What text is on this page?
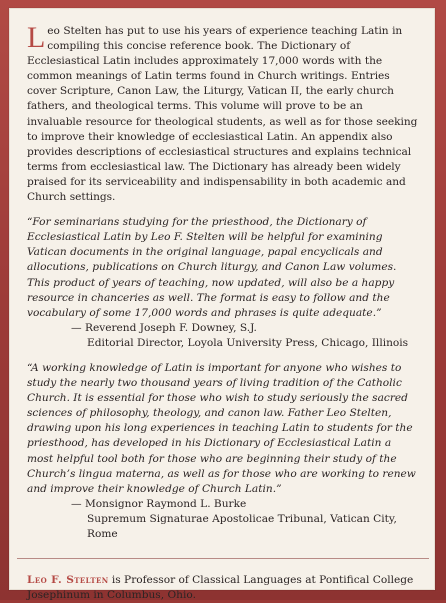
L eo Stelten has put to use his years of experience teaching Latin in compiling this concise reference book. The Dictionary of Ecclesiastical Latin includes approximately 17,000 words with the common meanings of Latin terms found in Church writings. Entries cover Scripture, Canon Law, the Liturgy, Vatican II, the early church fathers, and theological terms. This volume will prove to be an invaluable resource for theological students, as well as for those seeking to improve their knowledge of ecclesiastical Latin. An appendix also provides descriptions of ecclesiastical structures and explains technical terms from ecclesiastical law. The Dictionary has already been widely praised for its serviceability and indispensability in both academic and Church settings.

“For seminarians studying for the priesthood, the Dictionary of Ecclesiastical Latin by Leo F. Stelten will be helpful for examining Vatican documents in the original language, papal encyclicals and allocutions, publications on Church liturgy, and Canon Law volumes. This product of years of teaching, now updated, will also be a happy resource in chanceries as well. The format is easy to follow and the vocabulary of some 17,000 words and phrases is quite adequate.”

— Reverend Joseph F. Downey, S.J.
Editorial Director, Loyola University Press, Chicago, Illinois

“A working knowledge of Latin is important for anyone who wishes to study the nearly two thousand years of living tradition of the Catholic Church. It is essential for those who wish to study seriously the sacred sciences of philosophy, theology, and canon law. Father Leo Stelten, drawing upon his long experiences in teaching Latin to students for the priesthood, has developed in his Dictionary of Ecclesiastical Latin a most helpful tool both for those who are beginning their study of the Church’s lingua materna, as well as for those who are working to renew and improve their knowledge of Church Latin.”

— Monsignor Raymond L. Burke
Supremum Signaturae Apostolicae Tribunal, Vatican City, Rome

Leo F. Stelten is Professor of Classical Languages at Pontifical College Josephinum in Columbus, Ohio.
